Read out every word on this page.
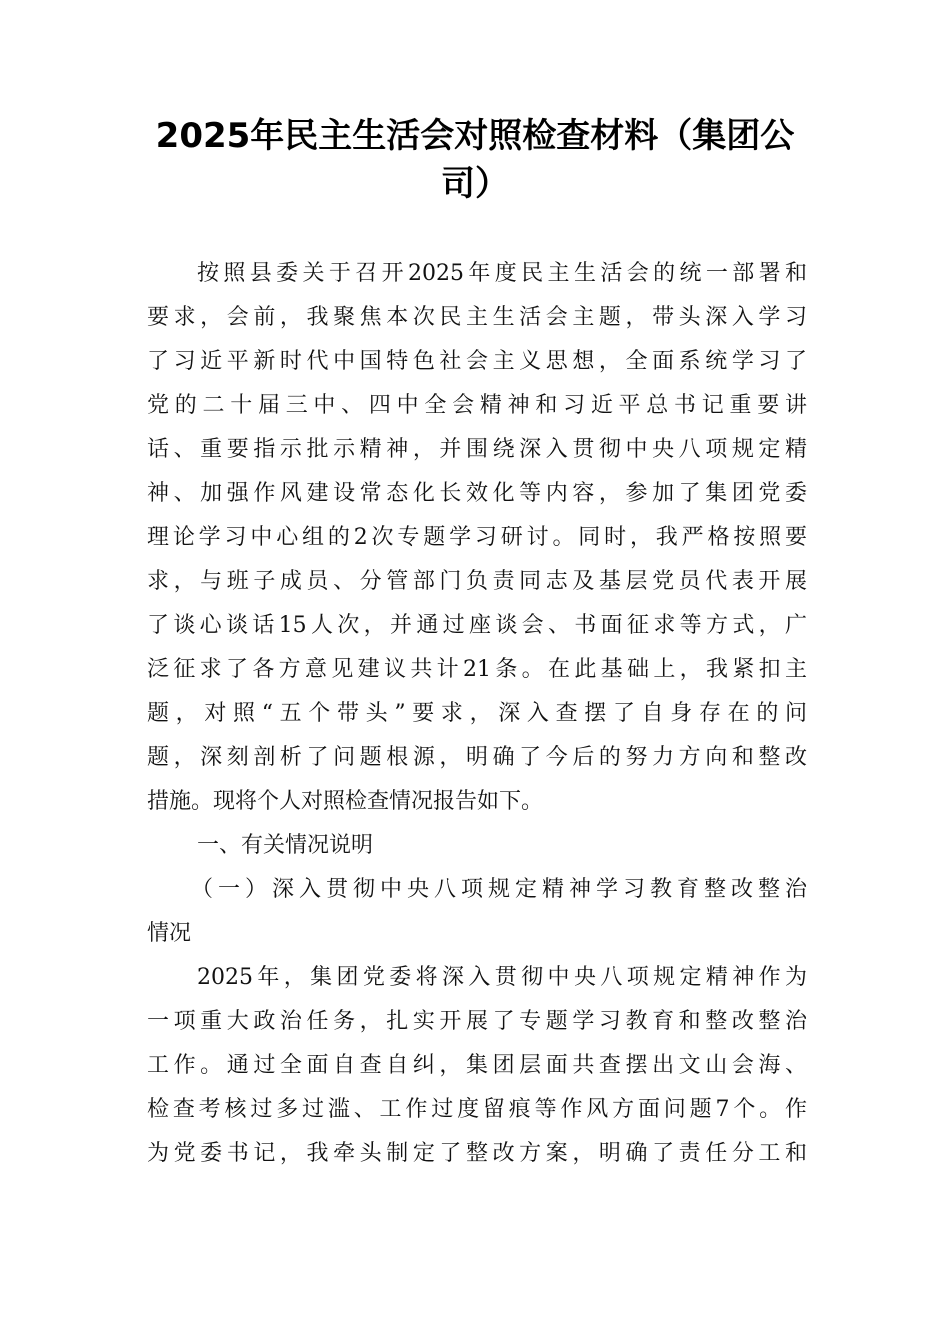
2025年民主生活会对照检查材料（集团公
司）
按照县委关于召开2025年度民主生活会的统一部署和
要求，会前，我聚焦本次民主生活会主题，带头深入学习
了习近平新时代中国特色社会主义思想，全面系统学习了
党的二十届三中、四中全会精神和习近平总书记重要讲
话、重要指示批示精神，并围绕深入贯彻中央八项规定精
神、加强作风建设常态化长效化等内容，参加了集团党委
理论学习中心组的2次专题学习研讨。同时，我严格按照要
求，与班子成员、分管部门负责同志及基层党员代表开展
了谈心谈话15人次，并通过座谈会、书面征求等方式，广
泛征求了各方意见建议共计21条。在此基础上，我紧扣主
题，对照“五个带头”要求，深入查摆了自身存在的问
题，深刻剖析了问题根源，明确了今后的努力方向和整改
措施。现将个人对照检查情况报告如下。
一、有关情况说明
（一）深入贯彻中央八项规定精神学习教育整改整治
情况
2025年，集团党委将深入贯彻中央八项规定精神作为
一项重大政治任务，扎实开展了专题学习教育和整改整治
工作。通过全面自查自纠，集团层面共查摆出文山会海、
检查考核过多过滥、工作过度留痕等作风方面问题7个。作
为党委书记，我牵头制定了整改方案，明确了责任分工和
